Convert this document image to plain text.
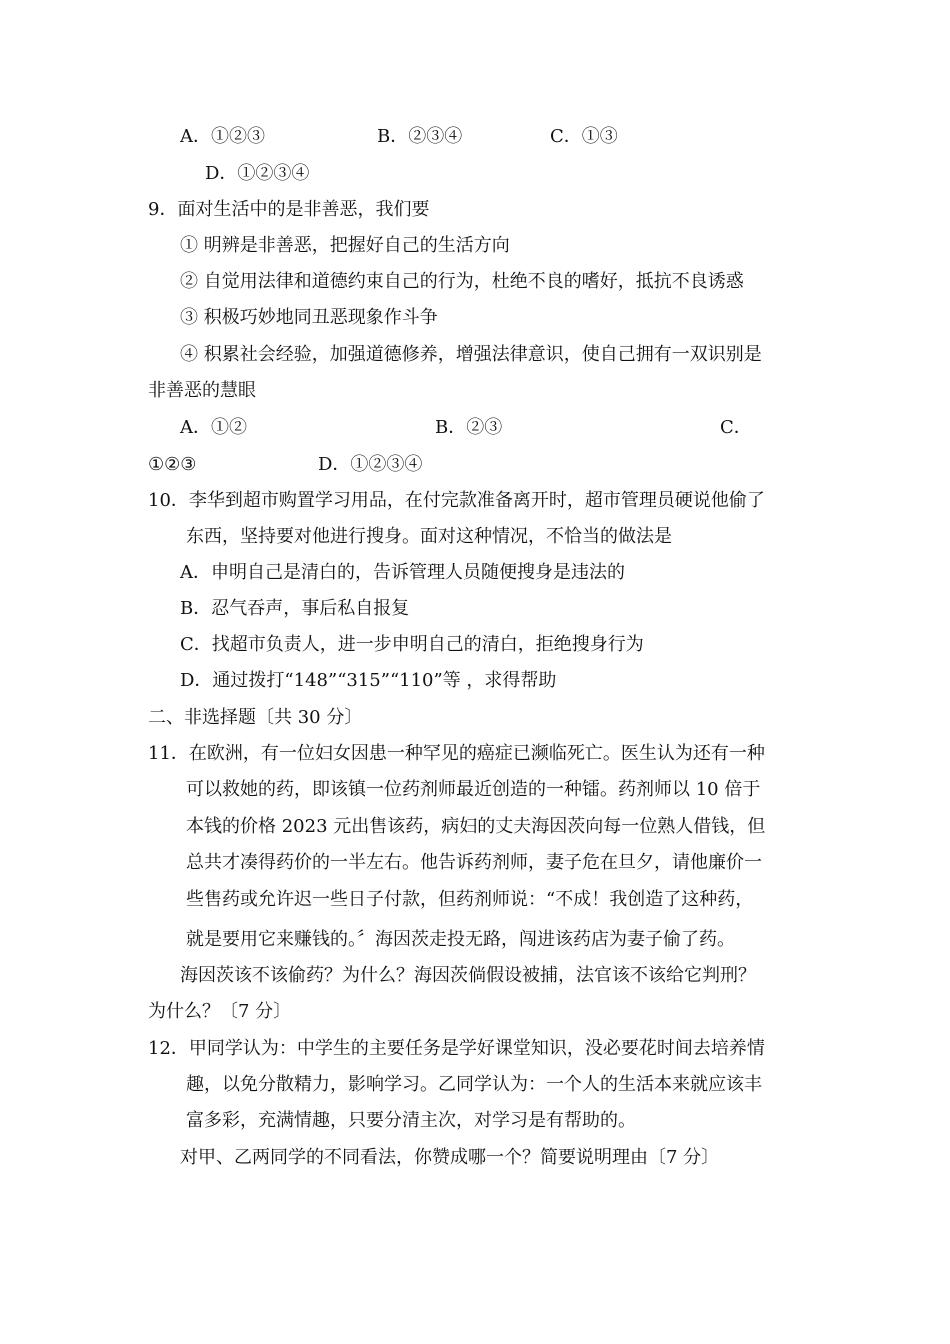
A．①②③	B．②③④	C．①③
D．①②③④
9．面对生活中的是非善恶，我们要
① 明辨是非善恶，把握好自己的生活方向
② 自觉用法律和道德约束自己的行为，杜绝不良的嗜好，抵抗不良诱惑
③ 积极巧妙地同丑恶现象作斗争
④ 积累社会经验，加强道德修养，增强法律意识，使自己拥有一双识别是
非善恶的慧眼
A．①②	B．②③	C．
①②③	D．①②③④
10．李华到超市购置学习用品，在付完款准备离开时，超市管理员硬说他偷了
东西，坚持要对他进行搜身。面对这种情况，不恰当的做法是
A．申明自己是清白的，告诉管理人员随便搜身是违法的
B．忍气吞声，事后私自报复
C．找超市负责人，进一步申明自己的清白，拒绝搜身行为
D．通过拨打“148”“315”“110”等 ，求得帮助
二、非选择题〔共 30 分〕
11．在欧洲，有一位妇女因患一种罕见的癌症已濒临死亡。医生认为还有一种
可以救她的药，即该镇一位药剂师最近创造的一种镭。药剂师以 10 倍于
本钱的价格 2023 元出售该药，病妇的丈夫海因茨向每一位熟人借钱，但
总共才凑得药价的一半左右。他告诉药剂师，妻子危在旦夕，请他廉价一
些售药或允许迟一些日子付款，但药剂师说：“不成！我创造了这种药，
就是要用它来赚钱的。〞海因茨走投无路，闯进该药店为妻子偷了药。
海因茨该不该偷药？为什么？海因茨倘假设被捕，法官该不该给它判刑？
为什么？〔7 分〕
12．甲同学认为：中学生的主要任务是学好课堂知识，没必要花时间去培养情
趣，以免分散精力，影响学习。乙同学认为：一个人的生活本来就应该丰
富多彩，充满情趣，只要分清主次，对学习是有帮助的。
对甲、乙两同学的不同看法，你赞成哪一个？简要说明理由〔7 分〕
